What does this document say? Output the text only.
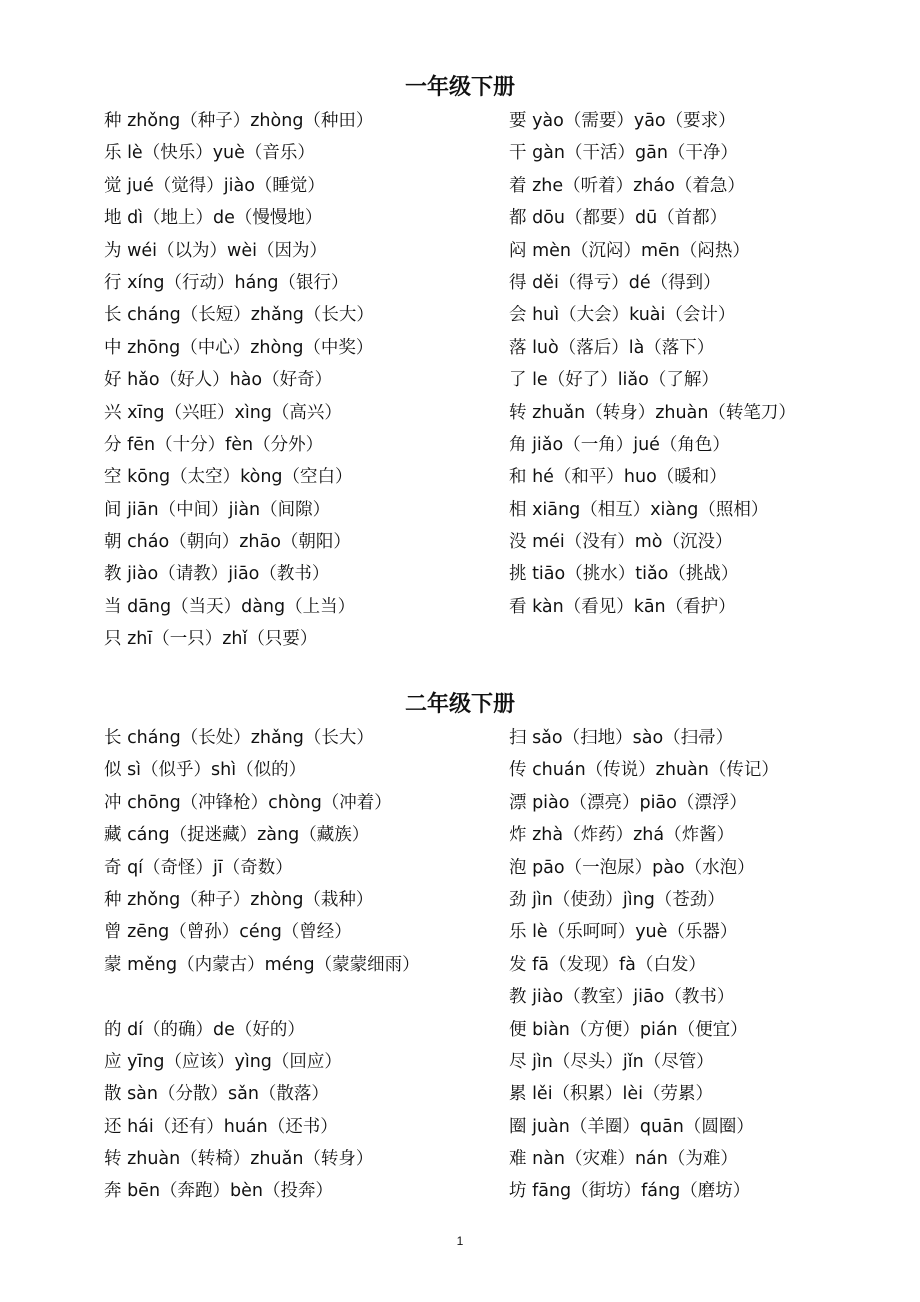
一年级下册
种 zhǒng（种子）zhòng（种田）
乐 lè（快乐）yuè（音乐）
觉 jué（觉得）jiào（睡觉）
地 dì（地上）de（慢慢地）
为 wéi（以为）wèi（因为）
行 xíng（行动）háng（银行）
长 cháng（长短）zhǎng（长大）
中 zhōng（中心）zhòng（中奖）
好 hǎo（好人）hào（好奇）
兴 xīng（兴旺）xìng（高兴）
分 fēn（十分）fèn（分外）
空 kōng（太空）kòng（空白）
间 jiān（中间）jiàn（间隙）
朝 cháo（朝向）zhāo（朝阳）
教 jiào（请教）jiāo（教书）
当 dāng（当天）dàng（上当）
只 zhī（一只）zhǐ（只要）
要 yào（需要）yāo（要求）
干 gàn（干活）gān（干净）
着 zhe（听着）zháo（着急）
都 dōu（都要）dū（首都）
闷 mèn（沉闷）mēn（闷热）
得 děi（得亏）dé（得到）
会 huì（大会）kuài（会计）
落 luò（落后）là（落下）
了 le（好了）liǎo（了解）
转 zhuǎn（转身）zhuàn（转笔刀）
角 jiǎo（一角）jué（角色）
和 hé（和平）huo（暖和）
相 xiāng（相互）xiàng（照相）
没 méi（没有）mò（沉没）
挑 tiāo（挑水）tiǎo（挑战）
看 kàn（看见）kān（看护）
二年级下册
长 cháng（长处）zhǎng（长大）
似 sì（似乎）shì（似的）
冲 chōng（冲锋枪）chòng（冲着）
藏 cáng（捉迷藏）zàng（藏族）
奇 qí（奇怪）jī（奇数）
种 zhǒng（种子）zhòng（栽种）
曾 zēng（曾孙）céng（曾经）
蒙 měng（内蒙古）méng（蒙蒙细雨）
的 dí（的确）de（好的）
应 yīng（应该）yìng（回应）
散 sàn（分散）sǎn（散落）
还 hái（还有）huán（还书）
转 zhuàn（转椅）zhuǎn（转身）
奔 bēn（奔跑）bèn（投奔）
扫 sǎo（扫地）sào（扫帚）
传 chuán（传说）zhuàn（传记）
漂 piào（漂亮）piāo（漂浮）
炸 zhà（炸药）zhá（炸酱）
泡 pāo（一泡尿）pào（水泡）
劲 jìn（使劲）jìng（苍劲）
乐 lè（乐呵呵）yuè（乐器）
发 fā（发现）fà（白发）
教 jiào（教室）jiāo（教书）
便 biàn（方便）pián（便宜）
尽 jìn（尽头）jǐn（尽管）
累 lěi（积累）lèi（劳累）
圈 juàn（羊圈）quān（圆圈）
难 nàn（灾难）nán（为难）
坊 fāng（街坊）fáng（磨坊）
1
